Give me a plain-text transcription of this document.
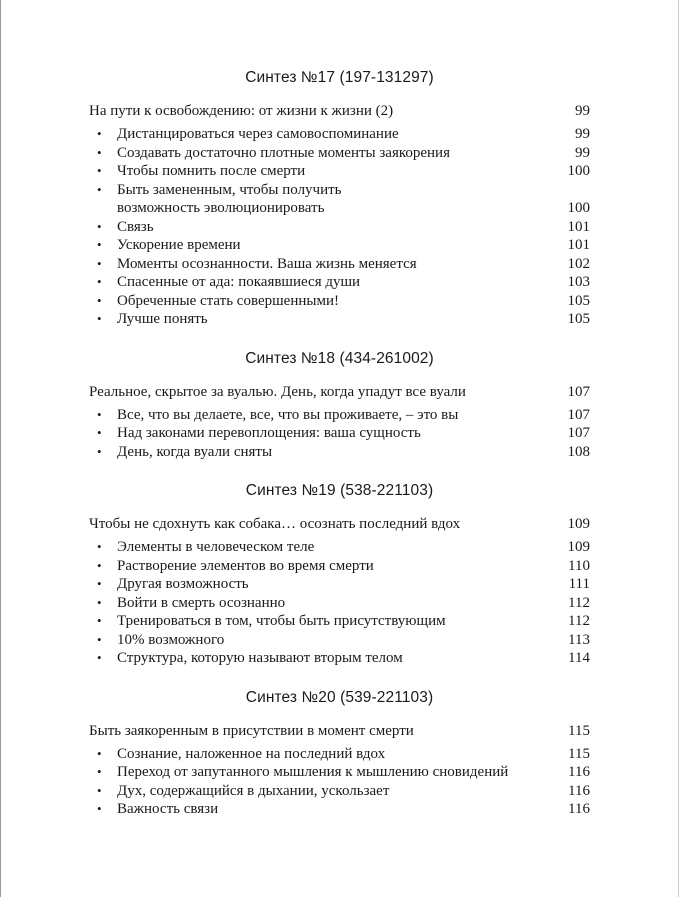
Синтез №17 (197-131297)
На пути к освобождению: от жизни к жизни (2)	99
•	Дистанцироваться через самовоспоминание	99
•	Создавать достаточно плотные моменты заякорения	99
•	Чтобы помнить после смерти	100
•	Быть замененным, чтобы получить
возможность эволюционировать	100
•	Связь	101
•	Ускорение времени	101
•	Моменты осознанности. Ваша жизнь меняется	102
•	Спасенные от ада: покаявшиеся души	103
•	Обреченные стать совершенными!	105
•	Лучше понять	105
Синтез №18 (434-261002)
Реальное, скрытое за вуалью. День, когда упадут все вуали	107
•	Все, что вы делаете, все, что вы проживаете, – это вы	107
•	Над законами перевоплощения: ваша сущность	107
•	День, когда вуали сняты	108
Синтез №19 (538-221103)
Чтобы не сдохнуть как собака… осознать последний вдох	109
•	Элементы в человеческом теле	109
•	Растворение элементов во время смерти	110
•	Другая возможность	111
•	Войти в смерть осознанно	112
•	Тренироваться в том, чтобы быть присутствующим	112
•	10% возможного	113
•	Структура, которую называют вторым телом	114
Синтез №20 (539-221103)
Быть заякоренным в присутствии в момент смерти	115
•	Сознание, наложенное на последний вдох	115
•	Переход от запутанного мышления к мышлению сновидений	116
•	Дух, содержащийся в дыхании, ускользает	116
•	Важность связи	116
